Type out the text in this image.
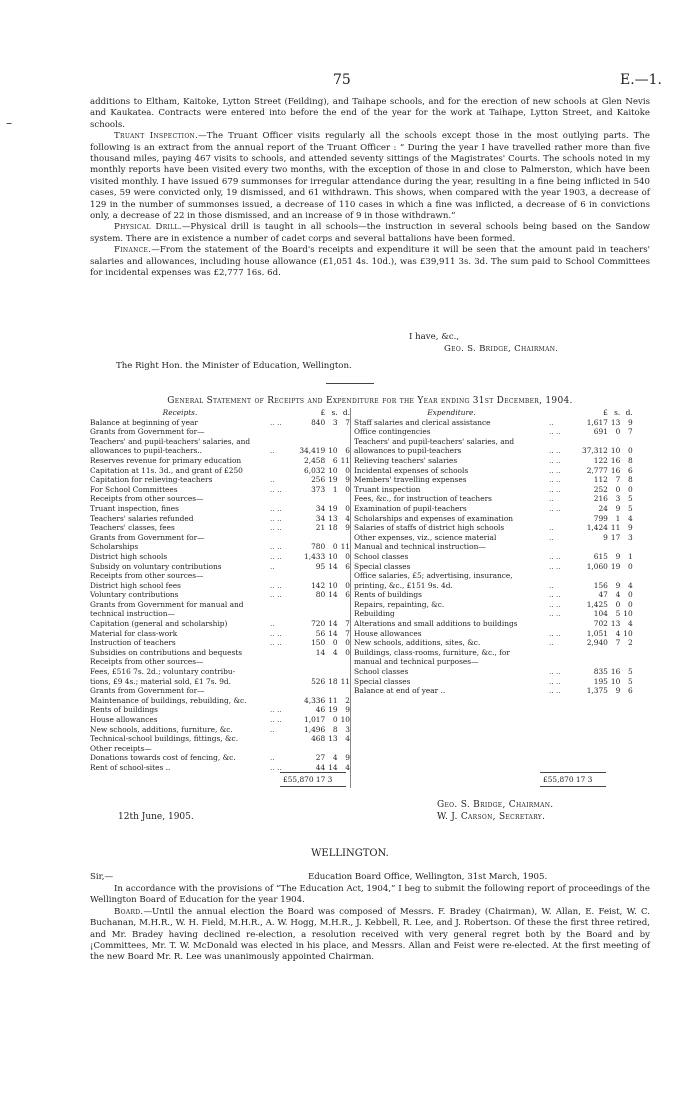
75	E.—1.
–

additions to Eltham, Kaitoke, Lytton Street (Feilding), and Taihape schools, and for the erection of new schools at Glen Nevis and Kaukatea. Contracts were entered into before the end of the year for the work at Taihape, Lytton Street, and Kaitoke schools.

Truant Inspection.—The Truant Officer visits regularly all the schools except those in the most outlying parts. The following is an extract from the annual report of the Truant Officer : “ During the year I have travelled rather more than five thousand miles, paying 467 visits to schools, and attended seventy sittings of the Magistrates' Courts. The schools noted in my monthly reports have been visited every two months, with the exception of those in and close to Palmerston, which have been visited monthly. I have issued 679 summonses for irregular attendance during the year, resulting in a fine being inflicted in 540 cases, 59 were convicted only, 19 dismissed, and 61 withdrawn. This shows, when compared with the year 1903, a decrease of 129 in the number of summonses issued, a decrease of 110 cases in which a fine was inflicted, a decrease of 6 in convictions only, a decrease of 22 in those dismissed, and an increase of 9 in those withdrawn.”

Physical Drill.—Physical drill is taught in all schools—the instruction in several schools being based on the Sandow system. There are in existence a number of cadet corps and several battalions have been formed.

Finance.—From the statement of the Board's receipts and expenditure it will be seen that the amount paid in teachers' salaries and allowances, including house allowance (£1,051 4s. 10d.), was £39,911 3s. 3d. The sum paid to School Committees for incidental expenses was £2,777 16s. 6d.

I have, &c.,
Geo. S. Bridge, Chairman.
The Right Hon. the Minister of Education, Wellington.
General Statement of Receipts and Expenditure for the Year ending 31st December, 1904.
Receipts.		£	s.	d.
Balance at beginning of year	.. ..	840	3	7
Grants from Government for—				
Teachers' and pupil-teachers' salaries, and				
allowances to pupil-teachers..	..	34,419	10	6
Reserves revenue for primary education		2,458	6	11
Capitation at 11s. 3d., and grant of £250		6,032	10	0
Capitation for relieving-teachers	..	256	19	9
For School Committees	.. ..	373	1	0
Receipts from other sources—				
Truant inspection, fines	.. ..	34	19	0
Teachers' salaries refunded	.. ..	34	13	4
Teachers' classes, fees	.. ..	21	18	9
Grants from Government for—				
Scholarships	.. ..	780	0	11
District high schools	.. ..	1,433	10	0
Subsidy on voluntary contributions	..	95	14	6
Receipts from other sources—				
District high school fees	.. ..	142	10	0
Voluntary contributions	.. ..	80	14	6
Grants from Government for manual and				
technical instruction—				
Capitation (general and scholarship)	..	720	14	7
Material for class-work	.. ..	56	14	7
Instruction of teachers	.. ..	150	0	0
Subsidies on contributions and bequests		14	4	0
Receipts from other sources—				
Fees, £516 7s. 2d.; voluntary contribu-				
tions, £9 4s.; material sold, £1 7s. 9d.		526	18	11
Grants from Government for—				
Maintenance of buildings, rebuilding, &c.		4,336	11	2
Rents of buildings	.. ..	46	19	9
House allowances	.. ..	1,017	0	10
New schools, additions, furniture, &c.	..	1,496	8	3
Technical-school buildings, fittings, &c.		468	13	4
Other receipts—				
Donations towards cost of fencing, &c.	..	27	4	9
Rent of school-sites ..	.. ..	44	14	4
£55,870 17 3
Expenditure.		£	s.	d.
Staff salaries and clerical assistance	..	1,617	13	9
Office contingencies	.. ..	691	0	7
Teachers' and pupil-teachers' salaries, and				
allowances to pupil-teachers	.. ..	37,312	10	0
Relieving teachers' salaries	.. ..	122	16	8
Incidental expenses of schools	.. ..	2,777	16	6
Members' travelling expenses	.. ..	112	7	8
Truant inspection	.. ..	252	0	0
Fees, &c., for instruction of teachers	..	216	3	5
Examination of pupil-teachers	.. ..	24	9	5
Scholarships and expenses of examination		799	1	4
Salaries of staffs of district high schools	..	1,424	11	9
Other expenses, viz., science material	..	9	17	3
Manual and technical instruction—				
School classes	.. ..	615	9	1
Special classes	.. ..	1,060	19	0
Office salaries, £5; advertising, insurance,				
printing, &c., £151 9s. 4d.	..	156	9	4
Rents of buildings	.. ..	47	4	0
Repairs, repainting, &c.	.. ..	1,425	0	0
Rebuilding	.. ..	104	5	10
Alterations and small additions to buildings		702	13	4
House allowances	.. ..	1,051	4	10
New schools, additions, sites, &c.	..	2,940	7	2
Buildings, class-rooms, furniture, &c., for				
manual and technical purposes—				
School classes	.. ..	835	16	5
Special classes	.. ..	195	10	5
Balance at end of year ..	.. ..	1,375	9	6
£55,870 17 3
12th June, 1905.
Geo. S. Bridge, Chairman.
W. J. Carson, Secretary.
WELLINGTON.
Sir,—	Education Board Office, Wellington, 31st March, 1905.

In accordance with the provisions of “The Education Act, 1904,” I beg to submit the following report of proceedings of the Wellington Board of Education for the year 1904.

Board.—Until the annual election the Board was composed of Messrs. F. Bradey (Chairman), W. Allan, E. Feist, W. C. Buchanan, M.H.R., W. H. Field, M.H.R., A. W. Hogg, M.H.R., J. Kebbell, R. Lee, and J. Robertson. Of these the first three retired, and Mr. Bradey having declined re-election, a resolution received with very general regret both by the Board and by ¡Committees, Mr. T. W. McDonald was elected in his place, and Messrs. Allan and Feist were re-elected. At the first meeting of the new Board Mr. R. Lee was unanimously appointed Chairman.
